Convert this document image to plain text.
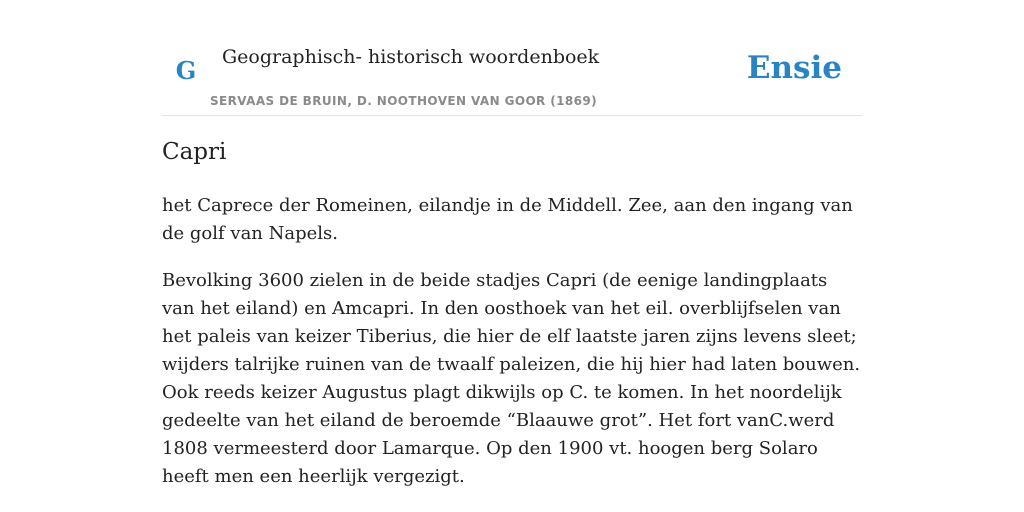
G	Geographisch- historisch woordenboek
SERVAAS DE BRUIN, D. NOOTHOVEN VAN GOOR (1869)
Ensie
Capri

het Caprece der Romeinen, eilandje in de Middell. Zee, aan den ingang van de golf van Napels.

Bevolking 3600 zielen in de beide stadjes Capri (de eenige landingplaats van het eiland) en Amcapri. In den oosthoek van het eil. overblijfselen van het paleis van keizer Tiberius, die hier de elf laatste jaren zijns levens sleet; wijders talrijke ruinen van de twaalf paleizen, die hij hier had laten bouwen. Ook reeds keizer Augustus plagt dikwijls op C. te komen. In het noordelijk gedeelte van het eiland de beroemde “Blaauwe grot”. Het fort vanC.werd 1808 vermeesterd door Lamarque. Op den 1900 vt. hoogen berg Solaro heeft men een heerlijk vergezigt.
